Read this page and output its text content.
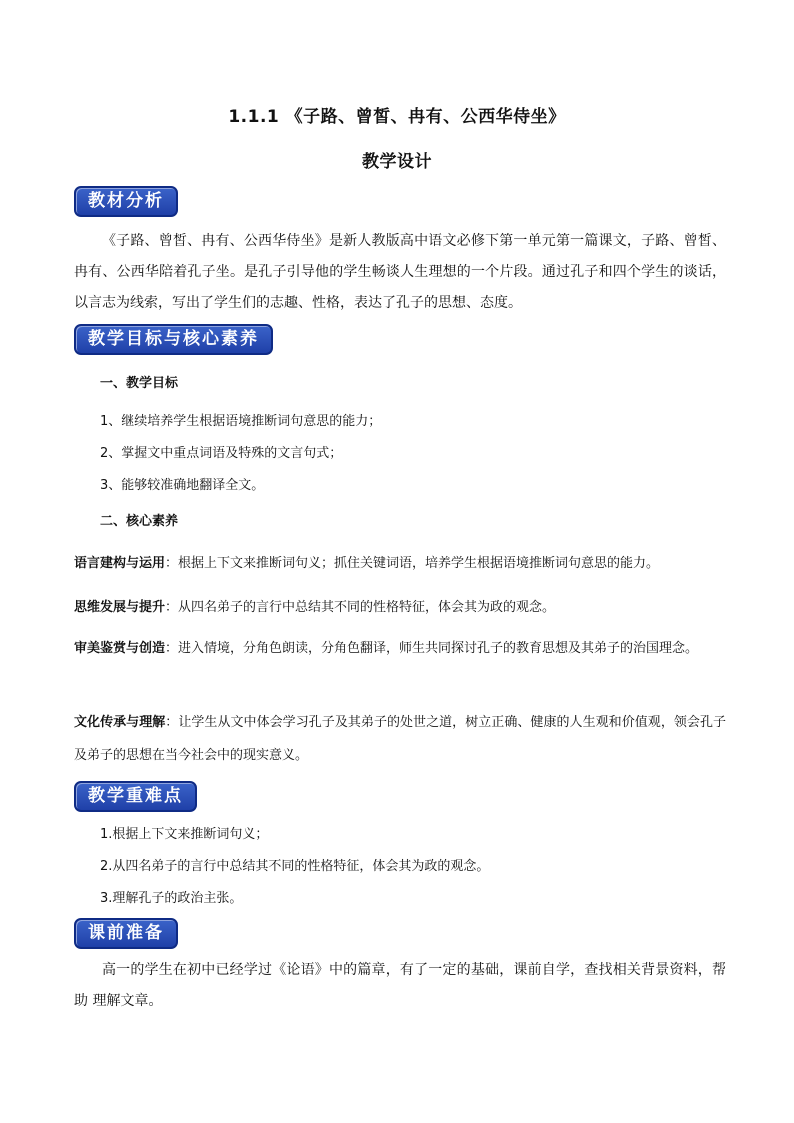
1.1.1 《子路、曾皙、冉有、公西华侍坐》
教学设计
教材分析
《子路、曾皙、冉有、公西华侍坐》是新人教版高中语文必修下第一单元第一篇课文，子路、曾皙、冉有、公西华陪着孔子坐。是孔子引导他的学生畅谈人生理想的一个片段。通过孔子和四个学生的谈话，以言志为线索，写出了学生们的志趣、性格，表达了孔子的思想、态度。
教学目标与核心素养
一、教学目标
1、继续培养学生根据语境推断词句意思的能力；
2、掌握文中重点词语及特殊的文言句式；
3、能够较准确地翻译全文。
二、核心素养
语言建构与运用：根据上下文来推断词句义；抓住关键词语，培养学生根据语境推断词句意思的能力。
思维发展与提升：从四名弟子的言行中总结其不同的性格特征，体会其为政的观念。
审美鉴赏与创造：进入情境，分角色朗读，分角色翻译，师生共同探讨孔子的教育思想及其弟子的治国理念。
文化传承与理解：让学生从文中体会学习孔子及其弟子的处世之道，树立正确、健康的人生观和价值观，领会孔子及弟子的思想在当今社会中的现实意义。
教学重难点
1.根据上下文来推断词句义；
2.从四名弟子的言行中总结其不同的性格特征，体会其为政的观念。
3.理解孔子的政治主张。
课前准备
高一的学生在初中已经学过《论语》中的篇章，有了一定的基础，课前自学，查找相关背景资料，帮助 理解文章。
